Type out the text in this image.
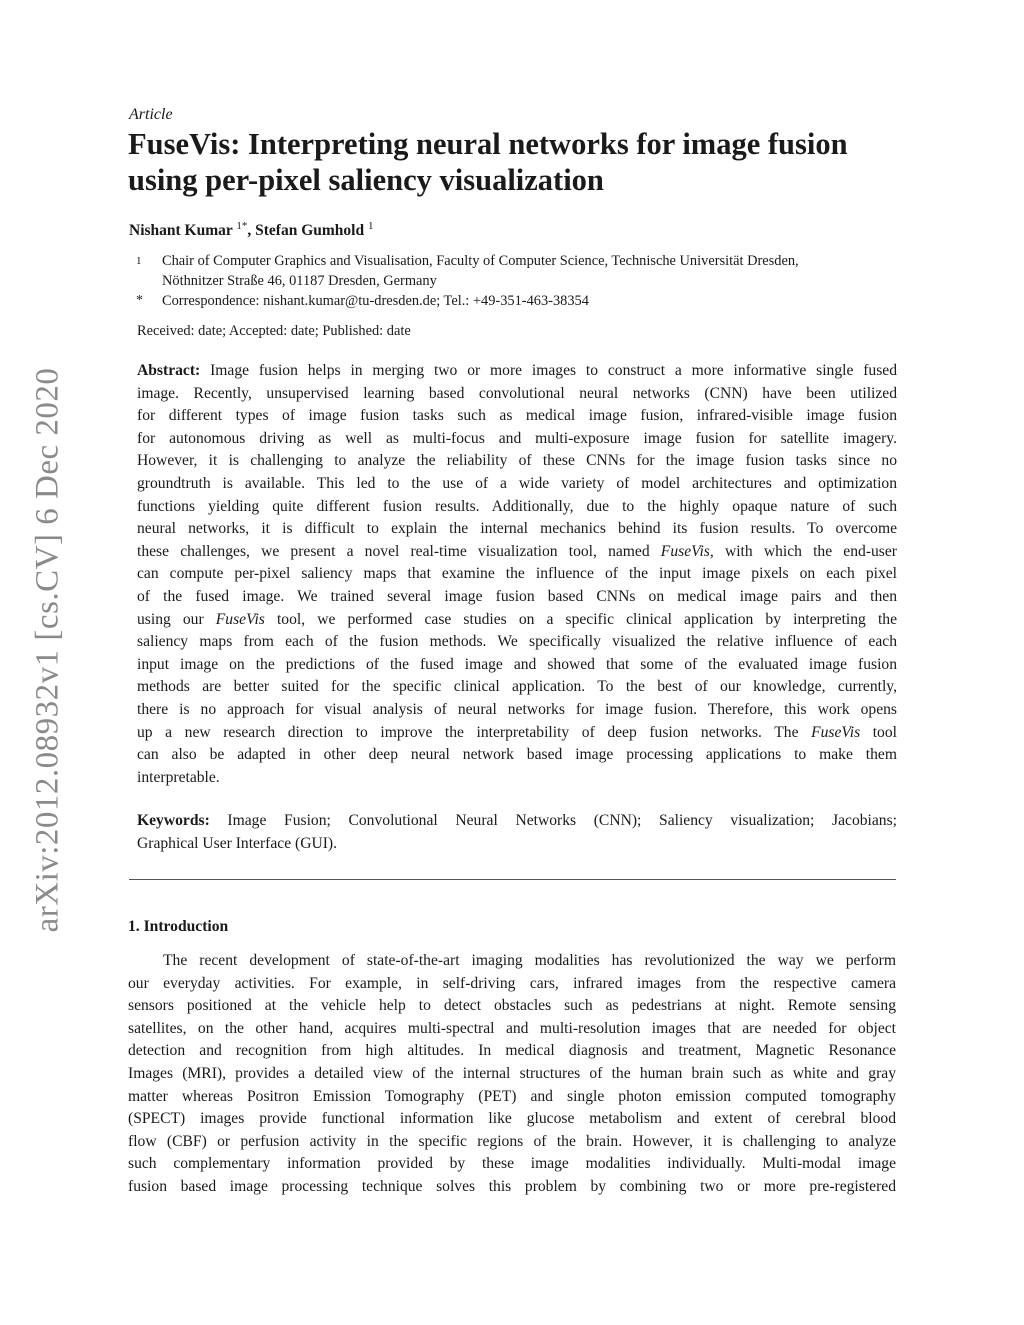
arXiv:2012.08932v1 [cs.CV] 6 Dec 2020
Article
FuseVis: Interpreting neural networks for image fusion
using per-pixel saliency visualization
Nishant Kumar $^{1*}$, Stefan Gumhold $^1$
1 Chair of Computer Graphics and Visualisation, Faculty of Computer Science, Technische Universität Dresden,
Nöthnitzer Straße 46, 01187 Dresden, Germany
* Correspondence: nishant.kumar@tu-dresden.de; Tel.: +49-351-463-38354
Received: date; Accepted: date; Published: date

Abstract: Image fusion helps in merging two or more images to construct a more informative single fused
image. Recently, unsupervised learning based convolutional neural networks (CNN) have been utilized
for different types of image fusion tasks such as medical image fusion, infrared-visible image fusion
for autonomous driving as well as multi-focus and multi-exposure image fusion for satellite imagery.
However, it is challenging to analyze the reliability of these CNNs for the image fusion tasks since no
groundtruth is available. This led to the use of a wide variety of model architectures and optimization
functions yielding quite different fusion results. Additionally, due to the highly opaque nature of such
neural networks, it is difficult to explain the internal mechanics behind its fusion results. To overcome
these challenges, we present a novel real-time visualization tool, named FuseVis, with which the end-user
can compute per-pixel saliency maps that examine the influence of the input image pixels on each pixel
of the fused image. We trained several image fusion based CNNs on medical image pairs and then
using our FuseVis tool, we performed case studies on a specific clinical application by interpreting the
saliency maps from each of the fusion methods. We specifically visualized the relative influence of each
input image on the predictions of the fused image and showed that some of the evaluated image fusion
methods are better suited for the specific clinical application. To the best of our knowledge, currently,
there is no approach for visual analysis of neural networks for image fusion. Therefore, this work opens
up a new research direction to improve the interpretability of deep fusion networks. The FuseVis tool
can also be adapted in other deep neural network based image processing applications to make them
interpretable.

Keywords: Image Fusion; Convolutional Neural Networks (CNN); Saliency visualization; Jacobians;
Graphical User Interface (GUI).

1. Introduction

The recent development of state-of-the-art imaging modalities has revolutionized the way we perform
our everyday activities. For example, in self-driving cars, infrared images from the respective camera
sensors positioned at the vehicle help to detect obstacles such as pedestrians at night. Remote sensing
satellites, on the other hand, acquires multi-spectral and multi-resolution images that are needed for object
detection and recognition from high altitudes. In medical diagnosis and treatment, Magnetic Resonance
Images (MRI), provides a detailed view of the internal structures of the human brain such as white and gray
matter whereas Positron Emission Tomography (PET) and single photon emission computed tomography
(SPECT) images provide functional information like glucose metabolism and extent of cerebral blood
flow (CBF) or perfusion activity in the specific regions of the brain. However, it is challenging to analyze
such complementary information provided by these image modalities individually. Multi-modal image
fusion based image processing technique solves this problem by combining two or more pre-registered
